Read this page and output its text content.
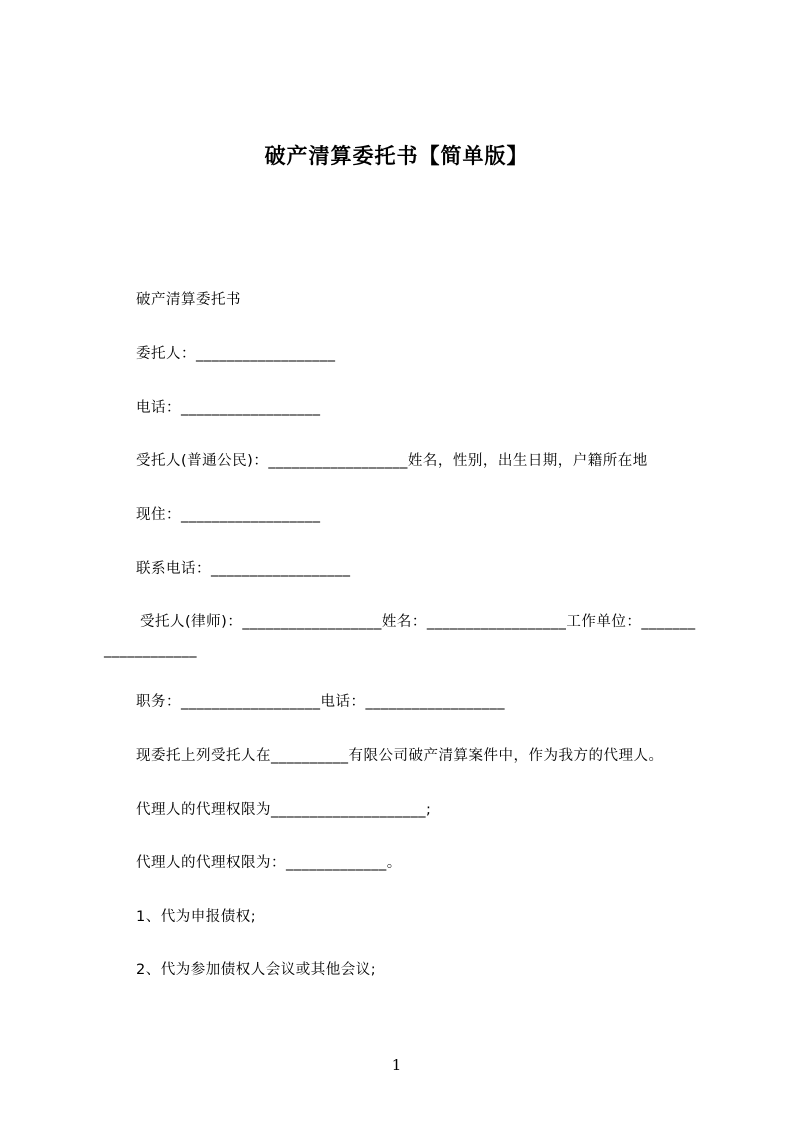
破产清算委托书【简单版】
破产清算委托书
委托人：__________________
电话：__________________
受托人(普通公民)：__________________姓名，性别，出生日期，户籍所在地
现住：__________________
联系电话：__________________
受托人(律师)：__________________姓名：__________________工作单位：_______
____________
职务：__________________电话：__________________
现委托上列受托人在__________有限公司破产清算案件中，作为我方的代理人。
代理人的代理权限为____________________;
代理人的代理权限为：_____________。
1、代为申报债权;
2、代为参加债权人会议或其他会议;
1
